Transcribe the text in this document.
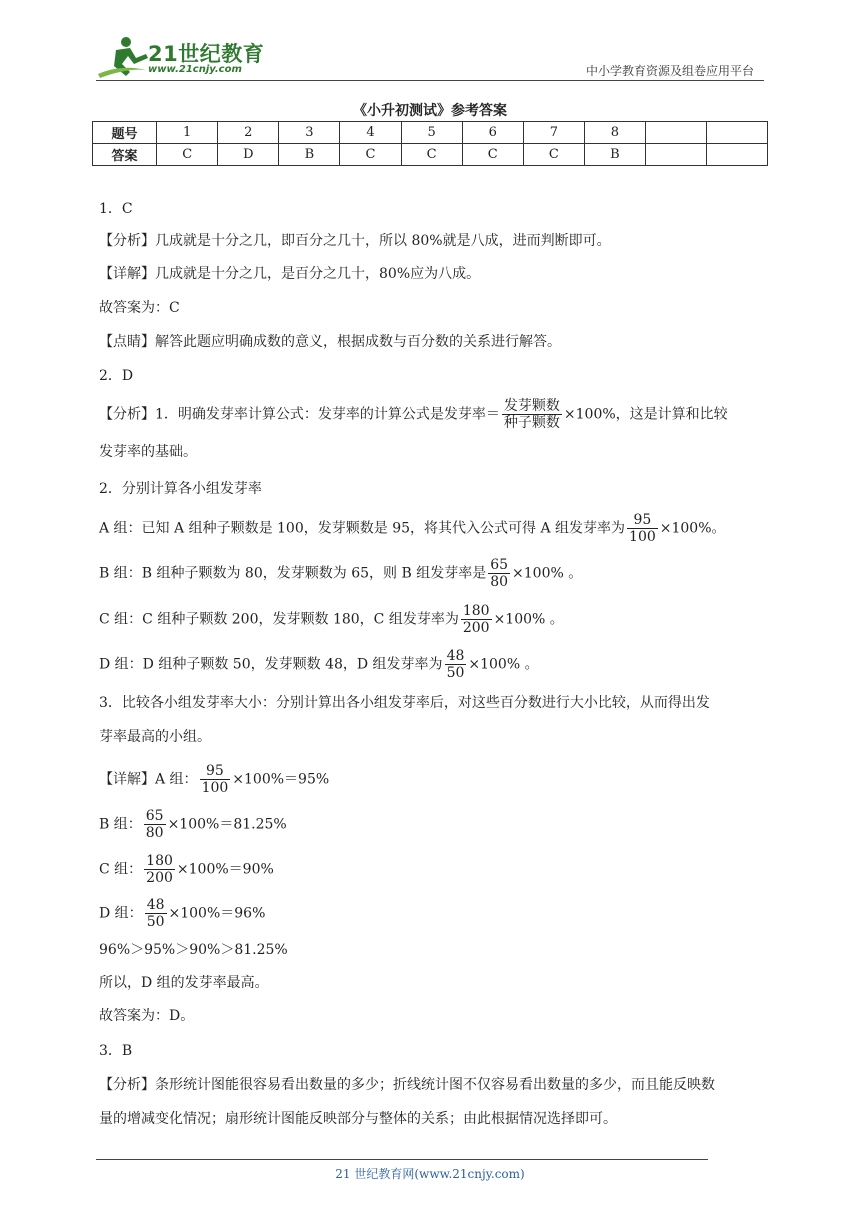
21世纪教育
www.21cnjy.com	中小学教育资源及组卷应用平台
《小升初测试》参考答案
题号	1	2	3	4	5	6	7	8		
答案	C	D	B	C	C	C	C	B		
1．C
【分析】几成就是十分之几，即百分之几十，所以 80%就是八成，进而判断即可。
【详解】几成就是十分之几，是百分之几十，80%应为八成。
故答案为：C
【点睛】解答此题应明确成数的意义，根据成数与百分数的关系进行解答。
2．D
【分析】1．明确发芽率计算公式：发芽率的计算公式是发芽率＝ $\frac{\text{发芽颗数}}{\text{种子颗数}} \times 100\%$，这是计算和比较
发芽率的基础。
2．分别计算各小组发芽率
A 组：已知 A 组种子颗数是 100，发芽颗数是 95，将其代入公式可得 A 组发芽率为 $\frac{95}{100} \times 100\%$。
B 组：B 组种子颗数为 80，发芽颗数为 65，则 B 组发芽率是 $\frac{65}{80} \times 100\%$ 。
C 组：C 组种子颗数 200，发芽颗数 180，C 组发芽率为 $\frac{180}{200} \times 100\%$ 。
D 组：D 组种子颗数 50，发芽颗数 48，D 组发芽率为 $\frac{48}{50} \times 100\%$ 。
3．比较各小组发芽率大小：分别计算出各小组发芽率后，对这些百分数进行大小比较，从而得出发
芽率最高的小组。
【详解】A 组： $\frac{95}{100} \times 100\%=95\%$
B 组： $\frac{65}{80} \times 100\%=81.25\%$
C 组： $\frac{180}{200} \times 100\%=90\%$
D 组： $\frac{48}{50} \times 100\%=96\%$
96%＞95%＞90%＞81.25%
所以，D 组的发芽率最高。
故答案为：D。
3．B
【分析】条形统计图能很容易看出数量的多少；折线统计图不仅容易看出数量的多少，而且能反映数
量的增减变化情况；扇形统计图能反映部分与整体的关系；由此根据情况选择即可。
21 世纪教育网(www.21cnjy.com)
